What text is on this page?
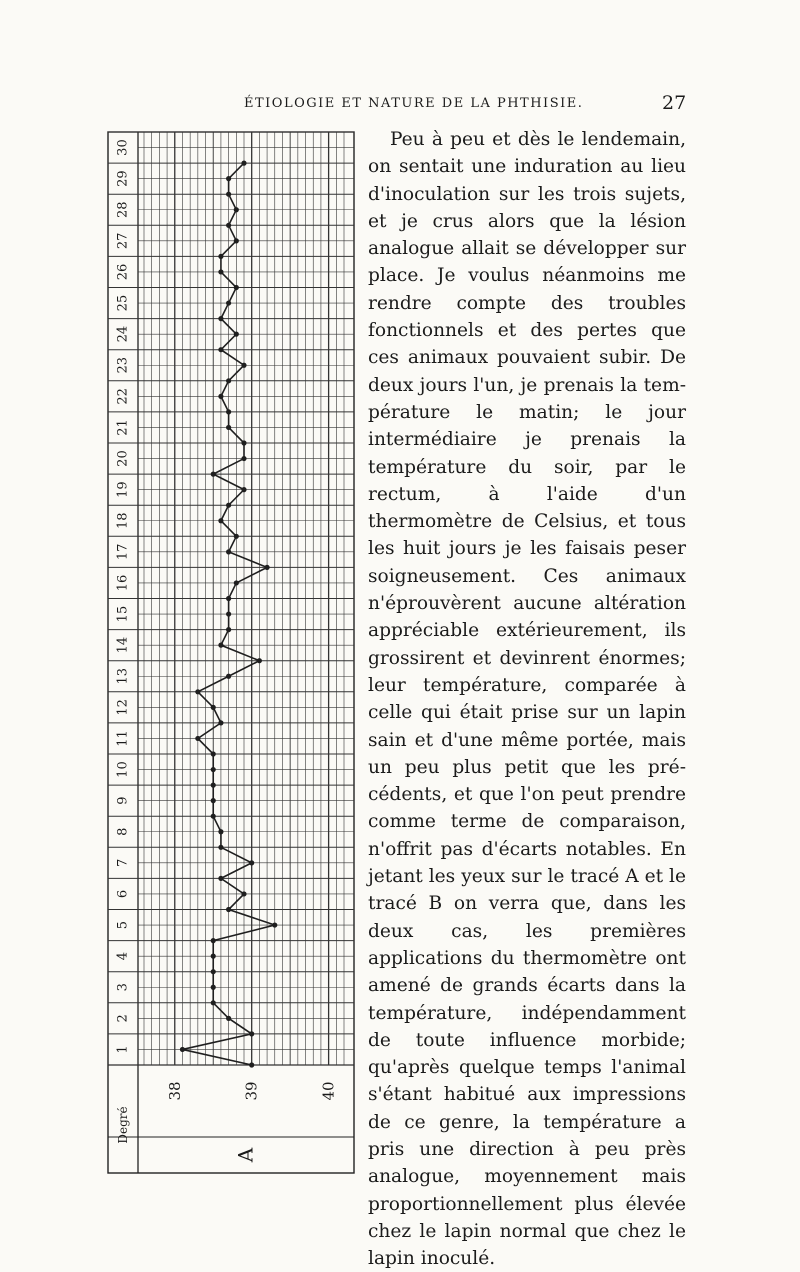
ÉTIOLOGIE ET NATURE DE LA PHTHISIE.	27
1
2
3
4
5
6
7
8
9
10
11
12
13
14
15
16
17
18
19
20
21
22
23
24
25
26
27
28
29
30
Degré
40
39
38
A

Peu à peu et dès le lendemain, on sentait une induration au lieu d'inoculation sur les trois sujets, et je crus alors que la lésion analogue allait se développer sur place. Je voulus néanmoins me rendre compte des troubles fonctionnels et des pertes que ces animaux pouvaient subir. De deux jours l'un, je prenais la température le matin; le jour intermédiaire je prenais la température du soir, par le rectum, à l'aide d'un thermomètre de Celsius, et tous les huit jours je les faisais peser soigneusement. Ces animaux n'éprouvèrent aucune altération appréciable extérieurement, ils grossirent et devinrent énormes; leur température, comparée à celle qui était prise sur un lapin sain et d'une même portée, mais un peu plus petit que les précédents, et que l'on peut prendre comme terme de comparaison, n'offrit pas d'écarts notables. En jetant les yeux sur le tracé A et le tracé B on verra que, dans les deux cas, les premières applications du thermomètre ont amené de grands écarts dans la température, indépendamment de toute influence morbide; qu'après quelque temps l'animal s'étant habitué aux impressions de ce genre, la température a pris une direction à peu près analogue, moyennement mais proportionnellement plus élevée chez le lapin normal que chez le lapin inoculé.
